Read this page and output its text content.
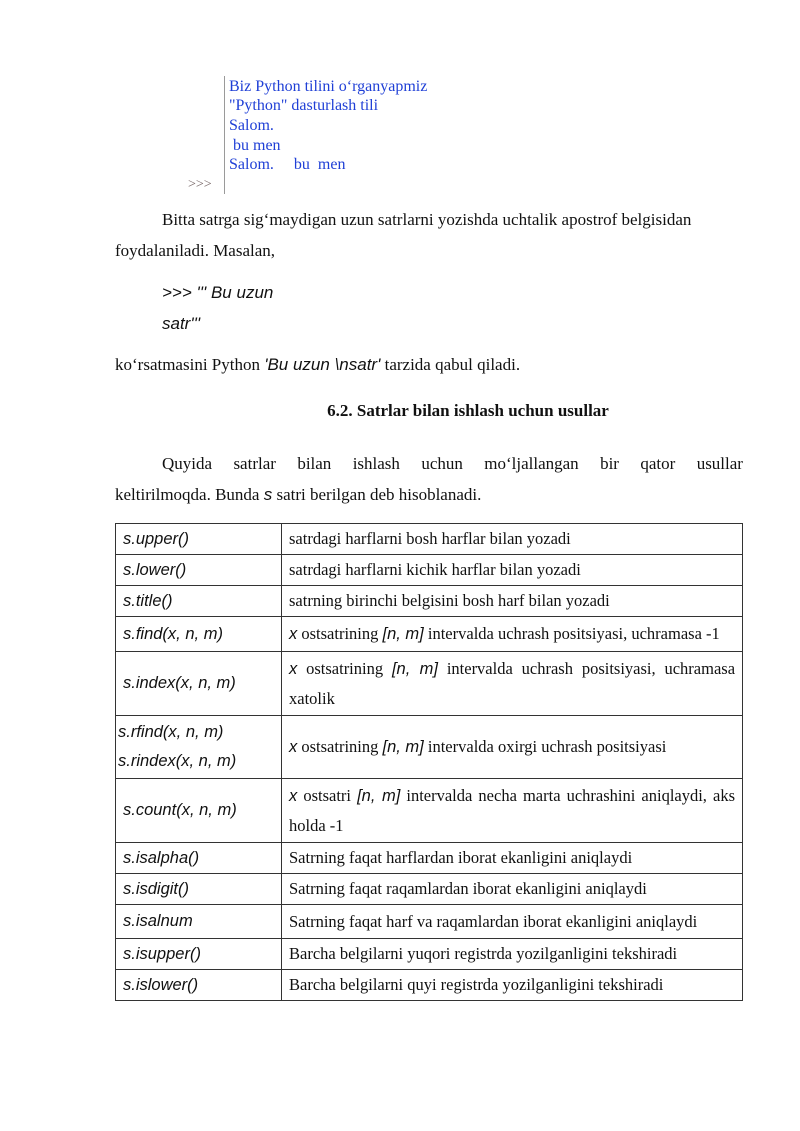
Biz Python tilini o‘rganyapmiz
"Python" dasturlash tili
Salom.
bu men
Salom.     bu  men
>>>
Bitta satrga sig‘maydigan uzun satrlarni yozishda uchtalik apostrof belgisidan
foydalaniladi. Masalan,
>>> ''' Bu uzun
satr'''
ko‘rsatmasini Python 'Bu uzun \nsatr' tarzida qabul qiladi.
6.2. Satrlar bilan ishlash uchun usullar
Quyida satrlar bilan ishlash uchun mo‘ljallangan bir qator usullar
keltirilmoqda. Bunda s satri berilgan deb hisoblanadi.
s.upper()	satrdagi harflarni bosh harflar bilan yozadi
s.lower()	satrdagi harflarni kichik harflar bilan yozadi
s.title()	satrning birinchi belgisini bosh harf bilan yozadi
s.find(x, n, m)	x ostsatrining [n, m] intervalda uchrash positsiyasi, uchramasa -1
s.index(x, n, m)	x ostsatrining [n, m] intervalda uchrash positsiyasi, uchramasa xatolik

s.rfind(x, n, m)
s.rindex(x, n, m)	x ostsatrining [n, m] intervalda oxirgi uchrash positsiyasi
s.count(x, n, m)	x ostsatri [n, m] intervalda necha marta uchrashini aniqlaydi, aks holda -1
s.isalpha()	Satrning faqat harflardan iborat ekanligini aniqlaydi
s.isdigit()	Satrning faqat raqamlardan iborat ekanligini aniqlaydi
s.isalnum	Satrning faqat harf va raqamlardan iborat ekanligini aniqlaydi
s.isupper()	Barcha belgilarni yuqori registrda yozilganligini tekshiradi
s.islower()	Barcha belgilarni quyi registrda yozilganligini tekshiradi
